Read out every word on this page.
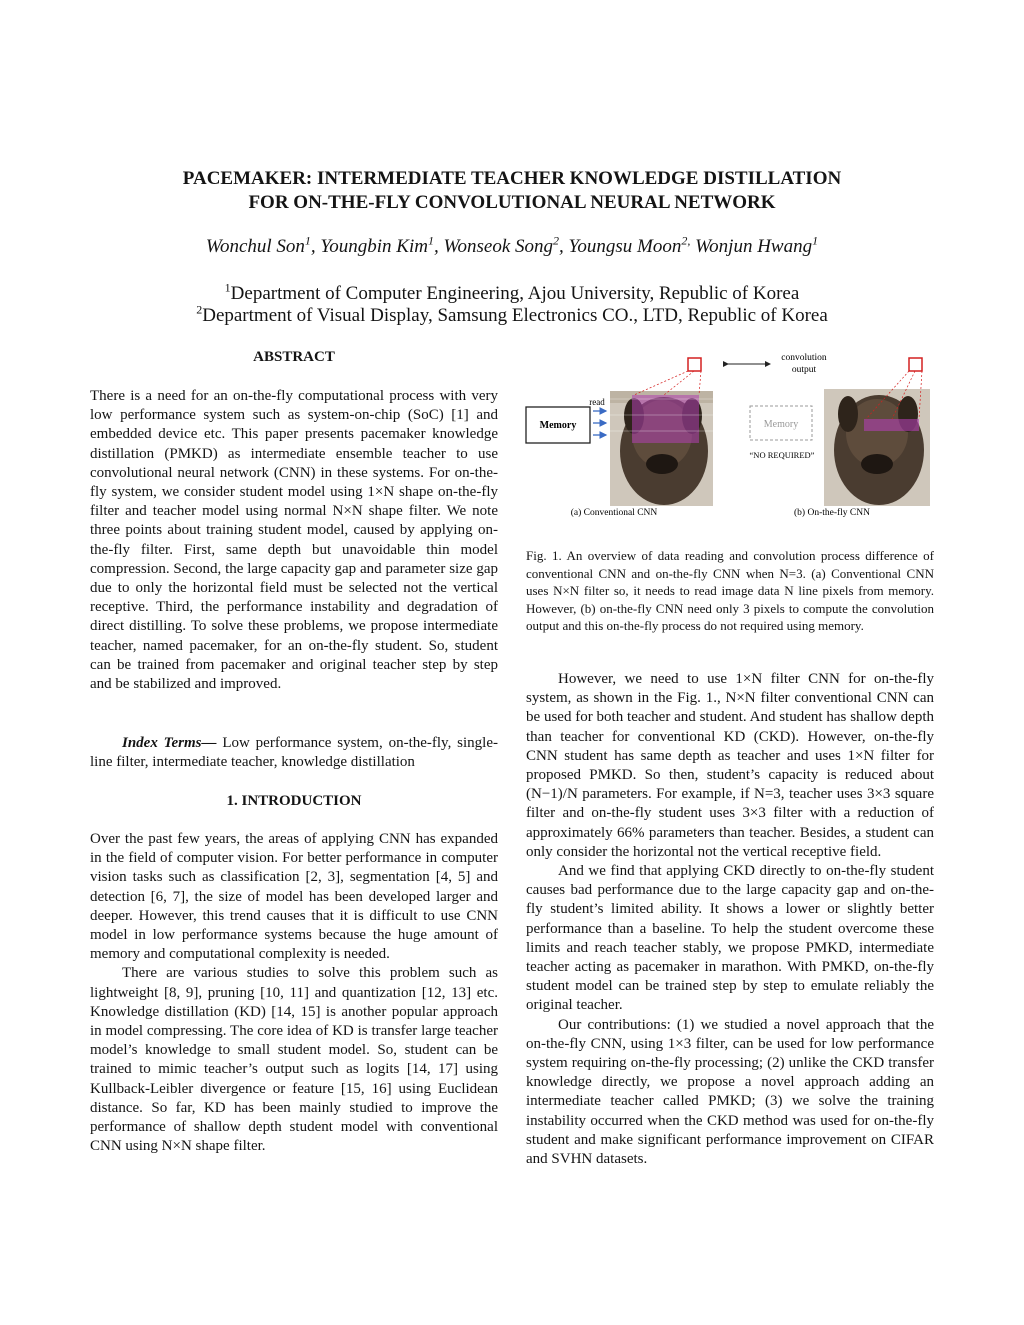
PACEMAKER: INTERMEDIATE TEACHER KNOWLEDGE DISTILLATION
FOR ON-THE-FLY CONVOLUTIONAL NEURAL NETWORK
Wonchul Son$^1$, Youngbin Kim$^1$, Wonseok Song$^2$, Youngsu Moon$^{2,}$ Wonjun Hwang$^1$
$^1$Department of Computer Engineering, Ajou University, Republic of Korea
$^2$Department of Visual Display, Samsung Electronics CO., LTD, Republic of Korea
ABSTRACT

There is a need for an on-the-fly computational process with very low performance system such as system-on-chip (SoC) [1] and embedded device etc. This paper presents pacemaker knowledge distillation (PMKD) as intermediate ensemble teacher to use convolutional neural network (CNN) in these systems. For on-the-fly system, we consider student model using 1×N shape on-the-fly filter and teacher model using normal N×N shape filter. We note three points about training student model, caused by applying on-the-fly filter. First, same depth but unavoidable thin model compression. Second, the large capacity gap and parameter size gap due to only the horizontal field must be selected not the vertical receptive. Third, the performance instability and degradation of direct distilling. To solve these problems, we propose intermediate teacher, named pacemaker, for an on-the-fly student. So, student can be trained from pacemaker and original teacher step by step and be stabilized and improved.

Index Terms— Low performance system, on-the-fly, single-line filter, intermediate teacher, knowledge distillation

1. INTRODUCTION

Over the past few years, the areas of applying CNN has expanded in the field of computer vision. For better performance in computer vision tasks such as classification [2, 3], segmentation [4, 5] and detection [6, 7], the size of model has been developed larger and deeper. However, this trend causes that it is difficult to use CNN model in low performance systems because the huge amount of memory and computational complexity is needed.

There are various studies to solve this problem such as lightweight [8, 9], pruning [10, 11] and quantization [12, 13] etc. Knowledge distillation (KD) [14, 15] is another popular approach in model compressing. The core idea of KD is transfer large teacher model’s knowledge to small student model. So, student can be trained to mimic teacher’s output such as logits [14, 17] using Kullback-Leibler divergence or feature [15, 16] using Euclidean distance. So far, KD has been mainly studied to improve the performance of shallow depth student model with conventional CNN using N×N shape filter.

Memory
read
convolution
output
Memory
“NO REQUIRED”
(a) Conventional CNN	(b) On-the-fly CNN
Fig. 1. An overview of data reading and convolution process difference of conventional CNN and on-the-fly CNN when N=3. (a) Conventional CNN uses N×N filter so, it needs to read image data N line pixels from memory. However, (b) on-the-fly CNN need only 3 pixels to compute the convolution output and this on-the-fly process do not required using memory.

However, we need to use 1×N filter CNN for on-the-fly system, as shown in the Fig. 1., N×N filter conventional CNN can be used for both teacher and student. And student has shallow depth than teacher for conventional KD (CKD). However, on-the-fly CNN student has same depth as teacher and uses 1×N filter for proposed PMKD. So then, student’s capacity is reduced about (N−1)/N parameters. For example, if N=3, teacher uses 3×3 square filter and on-the-fly student uses 3×3 filter with a reduction of approximately 66% parameters than teacher. Besides, a student can only consider the horizontal not the vertical receptive field.

And we find that applying CKD directly to on-the-fly student causes bad performance due to the large capacity gap and on-the-fly student’s limited ability. It shows a lower or slightly better performance than a baseline. To help the student overcome these limits and reach teacher stably, we propose PMKD, intermediate teacher acting as pacemaker in marathon. With PMKD, on-the-fly student model can be trained step by step to emulate reliably the original teacher.

Our contributions: (1) we studied a novel approach that the on-the-fly CNN, using 1×3 filter, can be used for low performance system requiring on-the-fly processing; (2) unlike the CKD transfer knowledge directly, we propose a novel approach adding an intermediate teacher called PMKD; (3) we solve the training instability occurred when the CKD method was used for on-the-fly student and make significant performance improvement on CIFAR and SVHN datasets.
